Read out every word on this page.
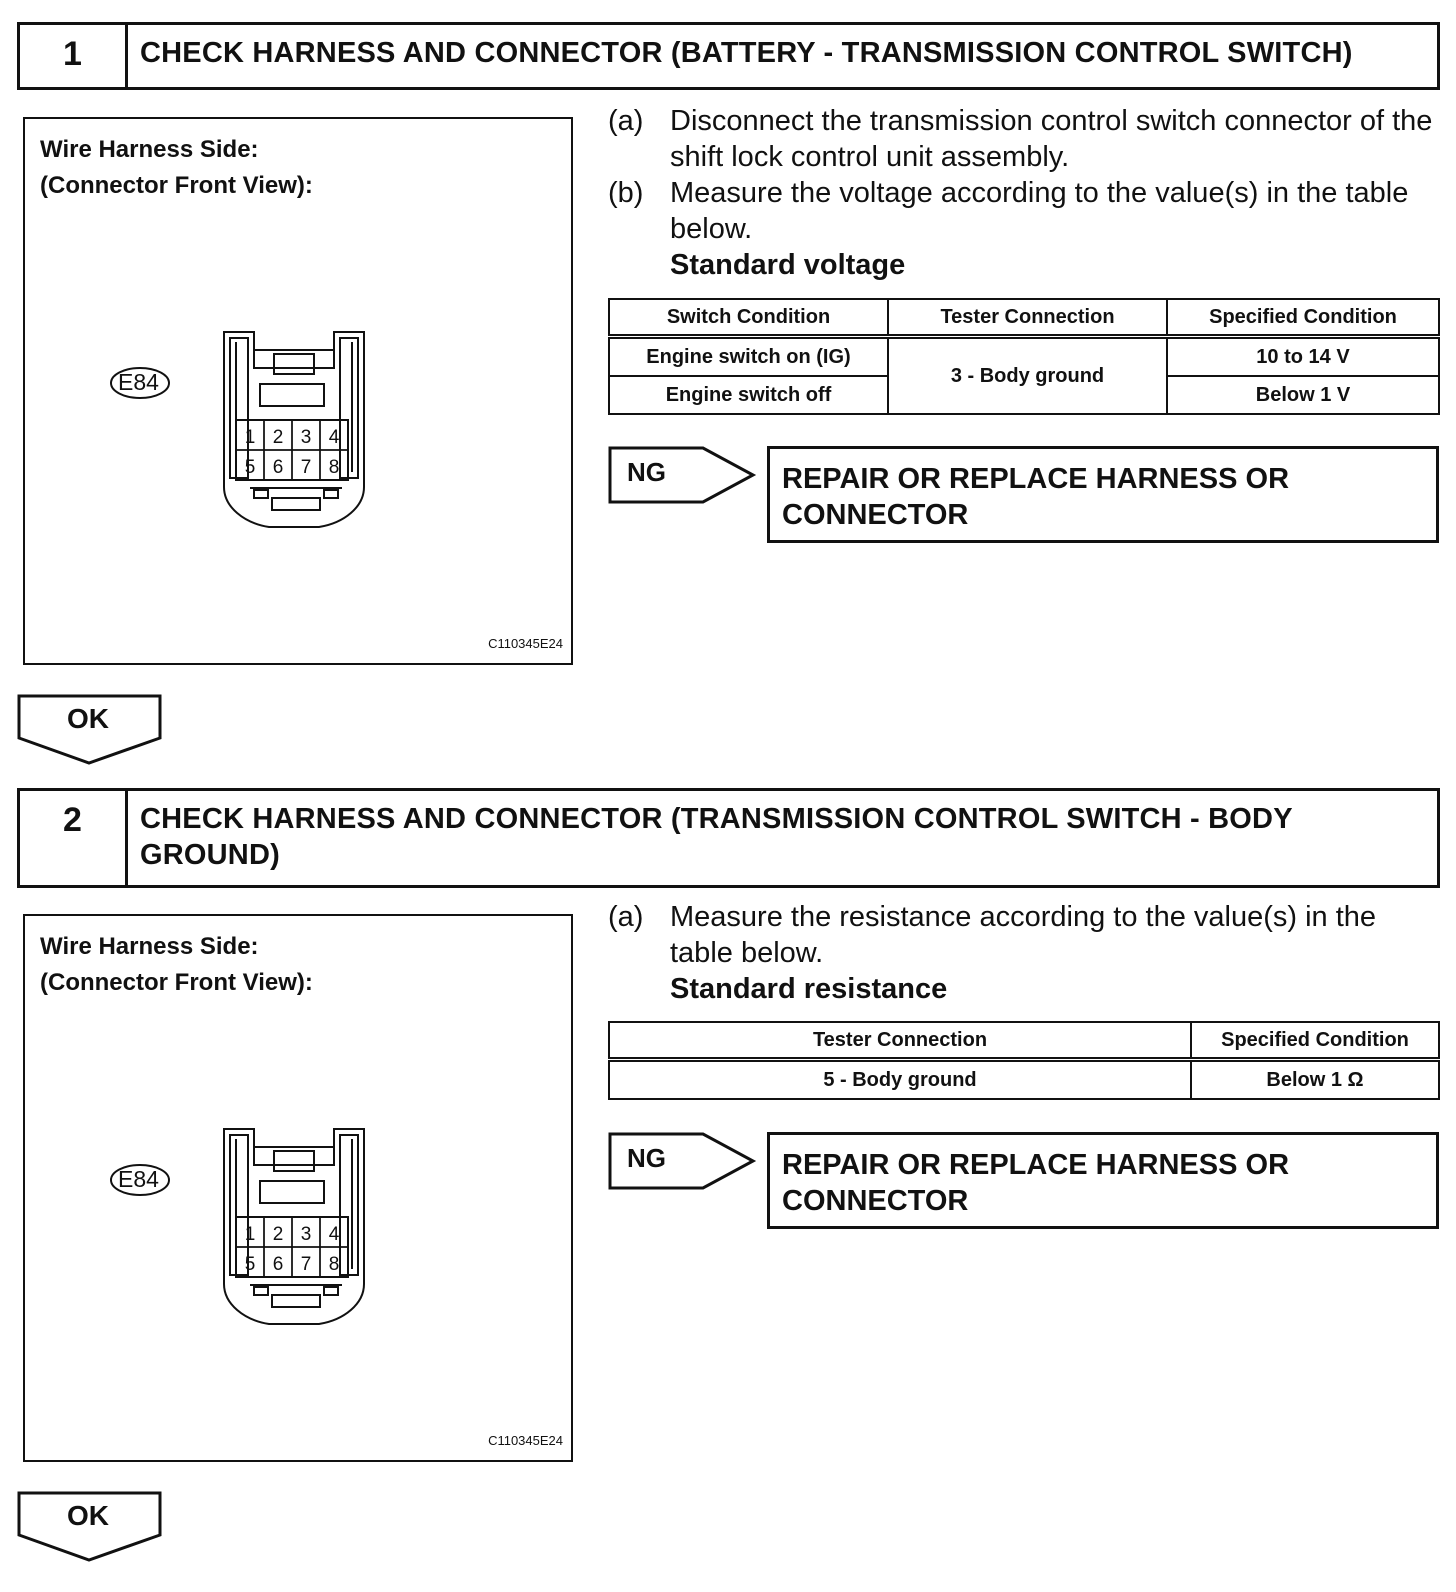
1	CHECK HARNESS AND CONNECTOR (BATTERY - TRANSMISSION CONTROL SWITCH)
Wire Harness Side:
(Connector Front View):
E84
1 2 3 4
5 6 7 8
C110345E24
(a) Disconnect the transmission control switch connector of the shift lock control unit assembly.
(b) Measure the voltage according to the value(s) in the table below.
Standard voltage
Switch Condition	Tester Connection	Specified Condition
Engine switch on (IG)	3 - Body ground	10 to 14 V
Engine switch off		Below 1 V
NG	REPAIR OR REPLACE HARNESS OR CONNECTOR
OK
2	CHECK HARNESS AND CONNECTOR (TRANSMISSION CONTROL SWITCH - BODY GROUND)
Wire Harness Side:
(Connector Front View):
E84
1 2 3 4
5 6 7 8
C110345E24
(a) Measure the resistance according to the value(s) in the table below.
Standard resistance
Tester Connection	Specified Condition
5 - Body ground	Below 1 Ω
NG	REPAIR OR REPLACE HARNESS OR CONNECTOR
OK
